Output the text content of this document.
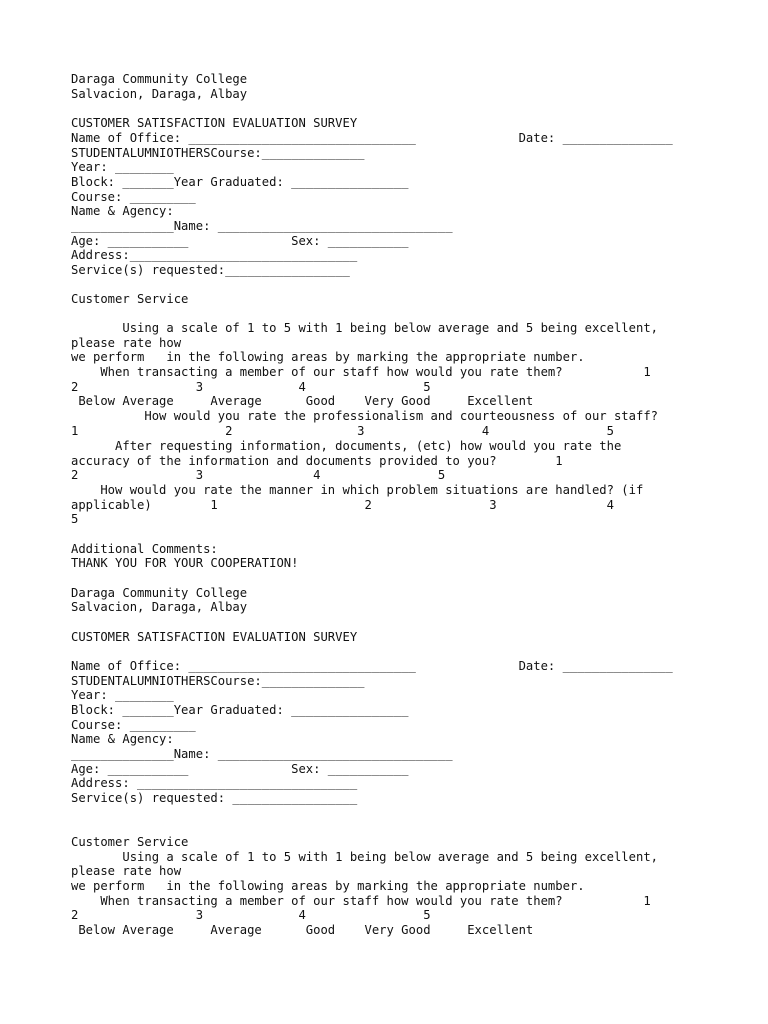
Daraga Community College

Salvacion, Daraga, Albay

CUSTOMER SATISFACTION EVALUATION SURVEY

Name of Office: _______________________________              Date: _______________

STUDENTALUMNIOTHERSCourse:______________

Year: ________

Block: _______Year Graduated: ________________

Course: _________

Name & Agency:

______________Name: ________________________________

Age: ___________              Sex: ___________

Address:_______________________________

Service(s) requested:_________________

Customer Service

Using a scale of 1 to 5 with 1 being below average and 5 being excellent,

please rate how

we perform   in the following areas by marking the appropriate number.

When transacting a member of our staff how would you rate them?           1

2                3             4                5

Below Average     Average      Good    Very Good     Excellent

How would you rate the professionalism and courteousness of our staff?

1                    2                 3                4                5

After requesting information, documents, (etc) how would you rate the

accuracy of the information and documents provided to you?        1

2                3               4                5

How would you rate the manner in which problem situations are handled? (if

applicable)        1                    2                3               4

5

Additional Comments:

THANK YOU FOR YOUR COOPERATION!

Daraga Community College

Salvacion, Daraga, Albay

CUSTOMER SATISFACTION EVALUATION SURVEY

Name of Office: _______________________________              Date: _______________

STUDENTALUMNIOTHERSCourse:______________

Year: ________

Block: _______Year Graduated: ________________

Course: _________

Name & Agency:

______________Name: ________________________________

Age: ___________              Sex: ___________

Address: ______________________________

Service(s) requested: _________________

Customer Service

Using a scale of 1 to 5 with 1 being below average and 5 being excellent,

please rate how

we perform   in the following areas by marking the appropriate number.

When transacting a member of our staff how would you rate them?           1

2                3             4                5

Below Average     Average      Good    Very Good     Excellent
